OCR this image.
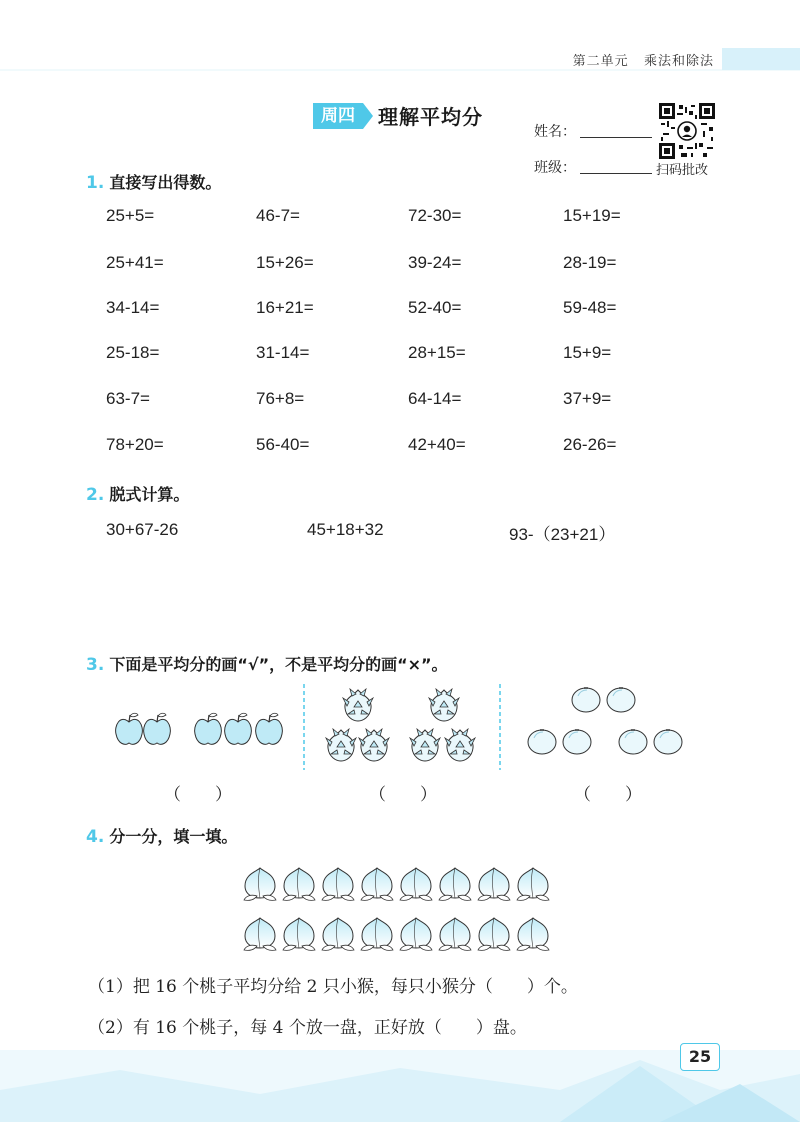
第二单元 乘法和除法
周四	理解平均分
姓名：
班级：	扫码批改
1. 直接写出得数。
25+5=	46-7=	72-30=	15+19=
25+41=	15+26=	39-24=	28-19=
34-14=	16+21=	52-40=	59-48=
25-18=	31-14=	28+15=	15+9=
63-7=	76+8=	64-14=	37+9=
78+20=	56-40=	42+40=	26-26=
2. 脱式计算。
30+67-26	45+18+32	93-（23+21）
3. 下面是平均分的画“√”，不是平均分的画“×”。
（　　）	（　　）	（　　）
4. 分一分，填一填。
（1）把 16 个桃子平均分给 2 只小猴，每只小猴分（　　）个。
（2）有 16 个桃子，每 4 个放一盘，正好放（　　）盘。
25
